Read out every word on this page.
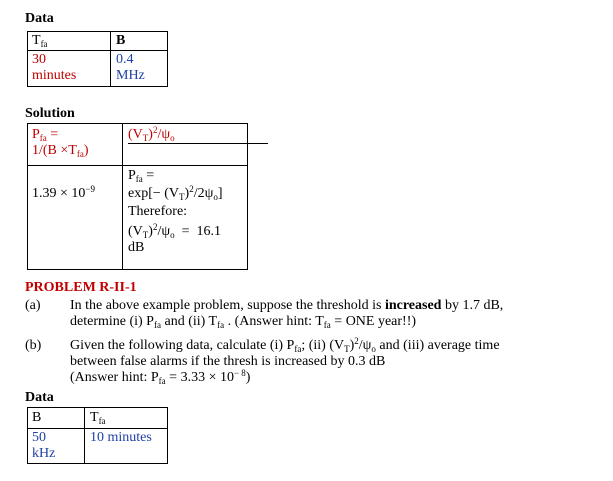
Data
$T_{fa}$	B
30
minutes
0.4
MHz
Solution
$P_{fa}$ =
$1/(B \times T_{fa})$
$(V_T)^2/\psi_o$
$1.39 \times 10^{-9}$
$P_{fa}$ =
$\exp[- (V_T)^2/2\psi_o]$
Therefore:
$(V_T)^2/\psi_o = 16.1$
dB
PROBLEM R-II-1
(a) In the above example problem, suppose the threshold is increased by 1.7 dB,
determine (i) $P_{fa}$ and (ii) $T_{fa}$ . (Answer hint: $T_{fa}$ = ONE year!!)
(b) Given the following data, calculate (i) $P_{fa}$; (ii) $(V_T)^2/\psi_o$ and (iii) average time
between false alarms if the thresh is increased by 0.3 dB
(Answer hint: $P_{fa} = 3.33 \times 10^{- 8}$)
Data
B	$T_{fa}$
50
kHz
10 minutes
